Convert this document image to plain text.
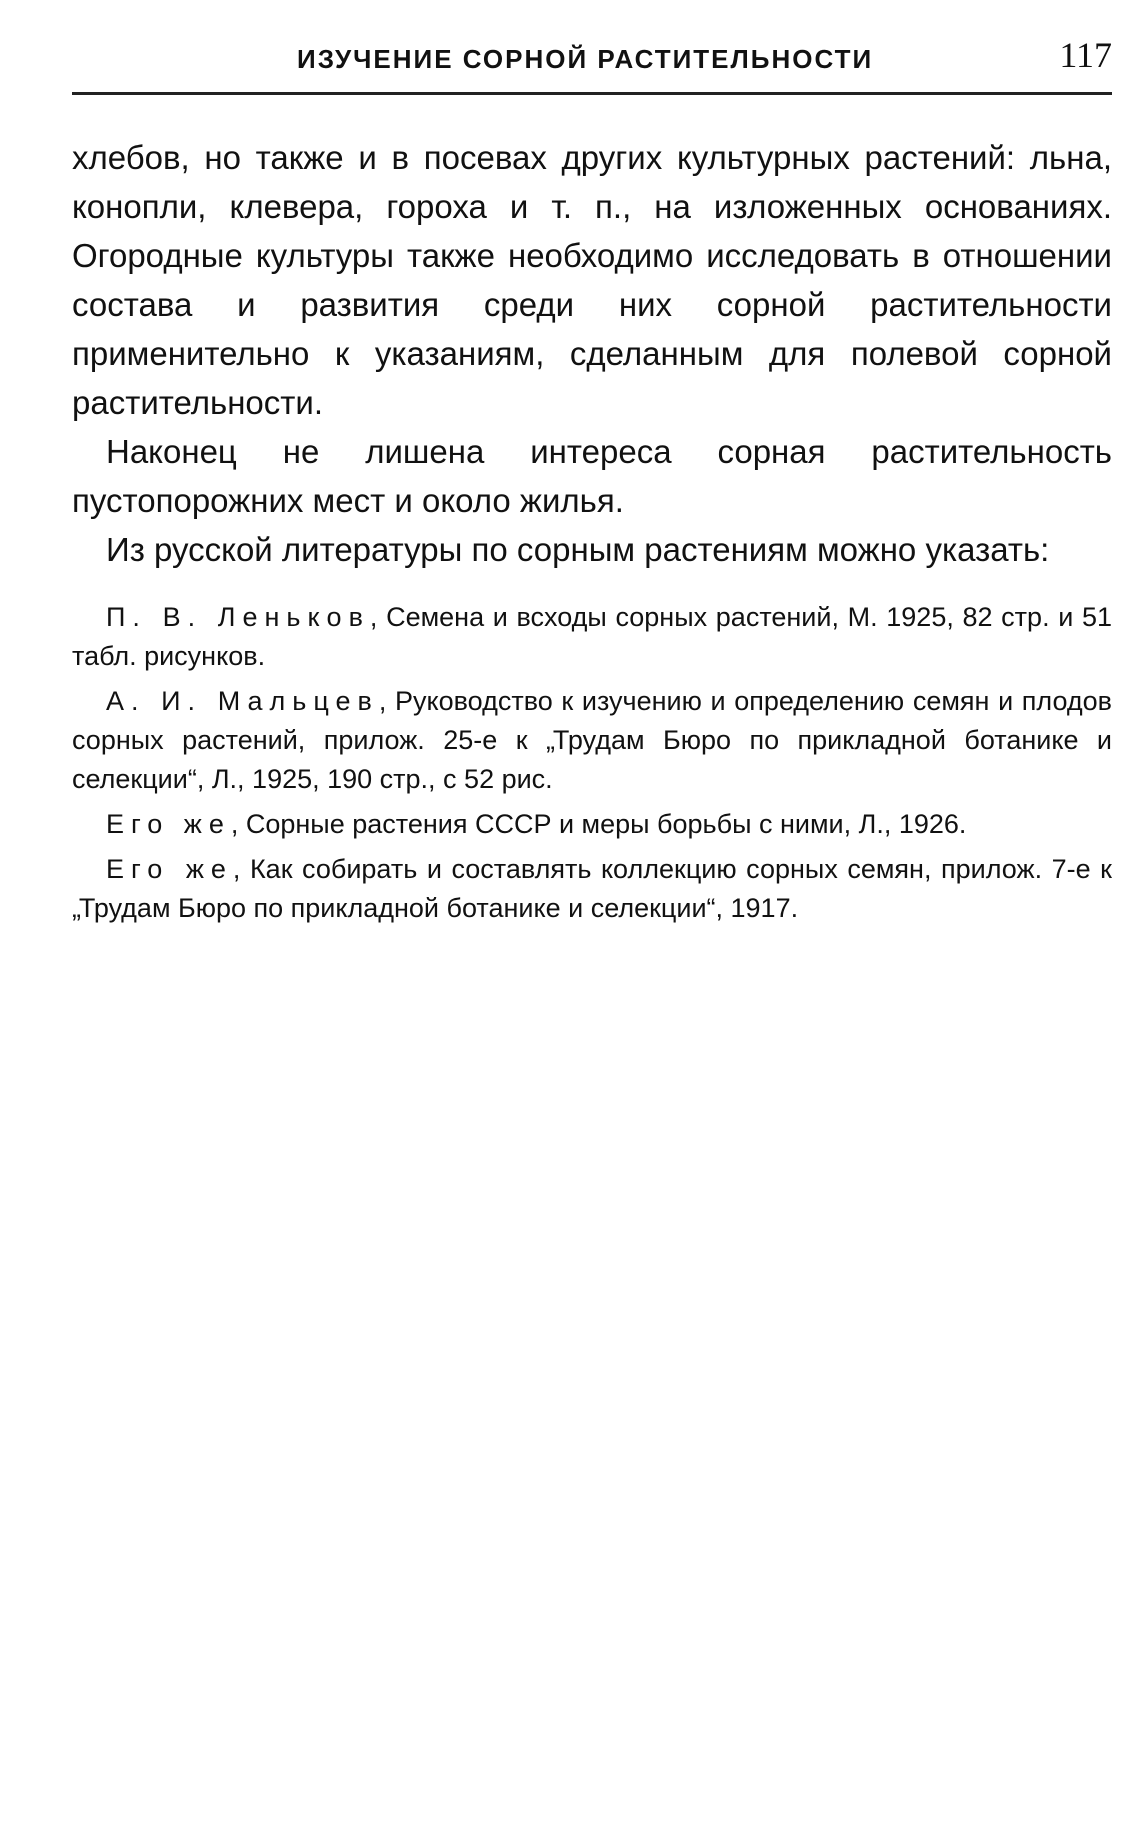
ИЗУЧЕНИЕ СОРНОЙ РАСТИТЕЛЬНОСТИ	117

хлебов, но также и в посевах других культурных растений: льна, конопли, клевера, гороха и т. п., на изложенных основаниях. Огородные культуры также необходимо исследовать в отношении состава и развития среди них сорной растительности применительно к указаниям, сделанным для полевой сорной растительности.

Наконец не лишена интереса сорная растительность пустопорожних мест и около жилья.

Из русской литературы по сорным растениям можно указать:

П. В. Леньков, Семена и всходы сорных растений, М. 1925, 82 стр. и 51 табл. рисунков.

А. И. Мальцев, Руководство к изучению и определению семян и плодов сорных растений, прилож. 25-е к „Трудам Бюро по прикладной ботанике и селекции“, Л., 1925, 190 стр., с 52 рис.

Его же, Сорные растения СССР и меры борьбы с ними, Л., 1926.

Его же, Как собирать и составлять коллекцию сорных семян, прилож. 7-е к „Трудам Бюро по прикладной ботанике и селекции“, 1917.
